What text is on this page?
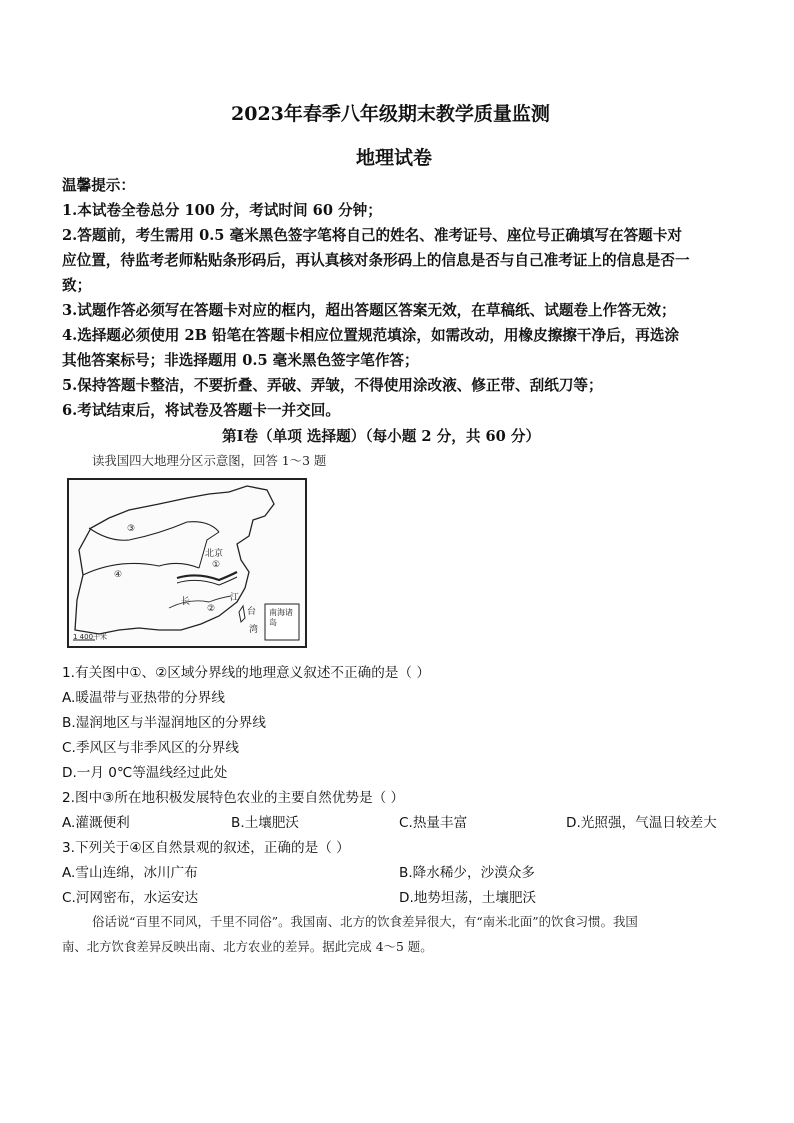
2023年春季八年级期末教学质量监测
地理试卷
温馨提示：
1.本试卷全卷总分 100 分，考试时间 60 分钟；
2.答题前，考生需用 0.5 毫米黑色签字笔将自己的姓名、准考证号、座位号正确填写在答题卡对
应位置，待监考老师粘贴条形码后，再认真核对条形码上的信息是否与自己准考证上的信息是否一
致；
3.试题作答必须写在答题卡对应的框内，超出答题区答案无效，在草稿纸、试题卷上作答无效；
4.选择题必须使用 2B 铅笔在答题卡相应位置规范填涂，如需改动，用橡皮擦擦干净后，再选涂
其他答案标号；非选择题用 0.5 毫米黑色签字笔作答；
5.保持答题卡整洁，不要折叠、弄破、弄皱，不得使用涂改液、修正带、刮纸刀等；
6.考试结束后，将试卷及答题卡一并交回。
第Ⅰ卷（单项 选择题）（每小题 2 分，共 60 分）
读我国四大地理分区示意图，回答 1～3 题
③
④
①
②
北京
长	江
台
湾
南海诸岛
1 400千米
1.有关图中①、②区域分界线的地理意义叙述不正确的是（ ）
A.暖温带与亚热带的分界线
B.湿润地区与半湿润地区的分界线
C.季风区与非季风区的分界线
D.一月 0℃等温线经过此处
2.图中③所在地积极发展特色农业的主要自然优势是（ ）
A.灌溉便利	B.土壤肥沃	C.热量丰富	D.光照强，气温日较差大
3.下列关于④区自然景观的叙述，正确的是（ ）
A.雪山连绵，冰川广布	B.降水稀少，沙漠众多
C.河网密布，水运安达	D.地势坦荡，土壤肥沃
俗话说“百里不同风，千里不同俗”。我国南、北方的饮食差异很大，有“南米北面”的饮食习惯。我国
南、北方饮食差异反映出南、北方农业的差异。据此完成 4～5 题。
